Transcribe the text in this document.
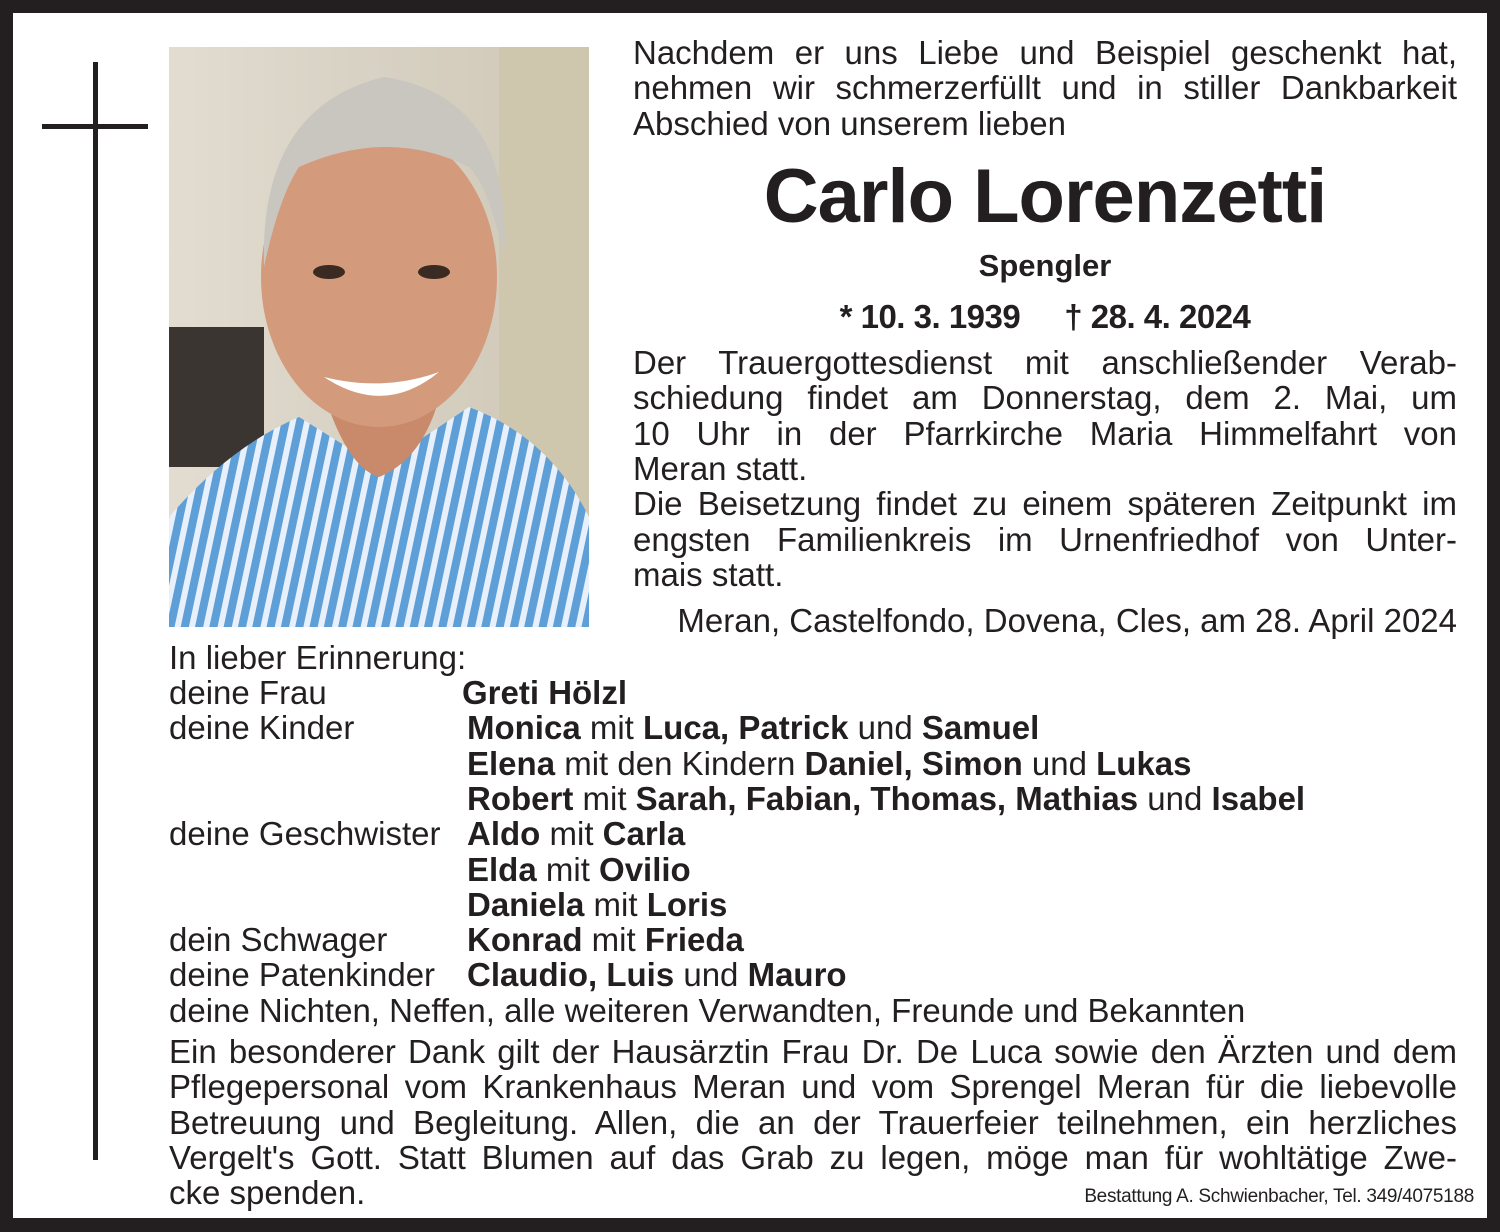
Nachdem er uns Liebe und Beispiel geschenkt hat,
nehmen wir schmerzerfüllt und in stiller Dankbarkeit
Abschied von unserem lieben
Carlo Lorenzetti
Spengler
* 10. 3. 1939 † 28. 4. 2024
Der Trauergottesdienst mit anschließender Verab-
schiedung findet am Donnerstag, dem 2. Mai, um
10 Uhr in der Pfarrkirche Maria Himmelfahrt von
Meran statt.
Die Beisetzung findet zu einem späteren Zeitpunkt im
engsten Familienkreis im Urnenfriedhof von Unter-
mais statt.
Meran, Castelfondo, Dovena, Cles, am 28. April 2024
In lieber Erinnerung:
deine Frau	Greti Hölzl
deine Kinder	Monica mit Luca, Patrick und Samuel
Elena mit den Kindern Daniel, Simon und Lukas
Robert mit Sarah, Fabian, Thomas, Mathias und Isabel
deine Geschwister Aldo mit Carla
Elda mit Ovilio
Daniela mit Loris
dein Schwager Konrad mit Frieda
deine Patenkinder Claudio, Luis und Mauro
deine Nichten, Neffen, alle weiteren Verwandten, Freunde und Bekannten
Ein besonderer Dank gilt der Hausärztin Frau Dr. De Luca sowie den Ärzten und dem
Pflegepersonal vom Krankenhaus Meran und vom Sprengel Meran für die liebevolle
Betreuung und Begleitung. Allen, die an der Trauerfeier teilnehmen, ein herzliches
Vergelt's Gott. Statt Blumen auf das Grab zu legen, möge man für wohltätige Zwe-
cke spenden.	Bestattung A. Schwienbacher, Tel. 349/4075188
